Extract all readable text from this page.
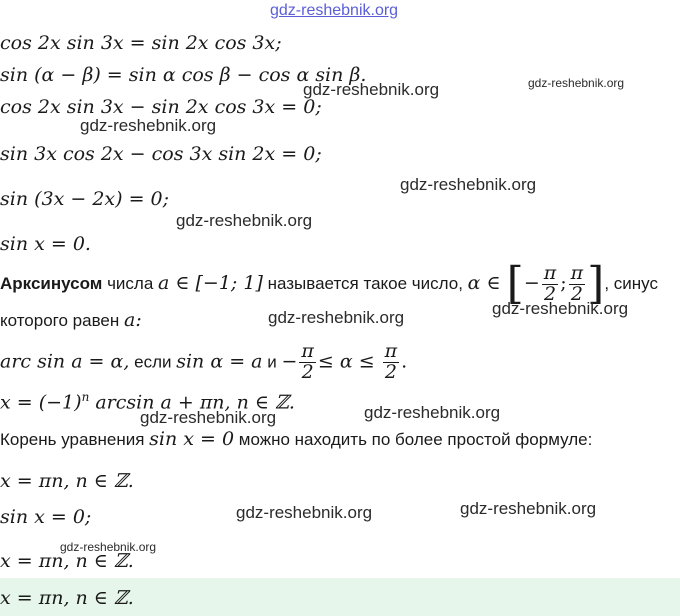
gdz-reshebnik.org
cos 2x sin 3x = sin 2x cos 3x;
sin (α − β) = sin α cos β − cos α sin β.
cos 2x sin 3x − sin 2x cos 3x = 0;
sin 3x cos 2x − cos 3x sin 2x = 0;
sin (3x − 2x) = 0;
sin x = 0.
Арксинусом числа a ∈ [−1; 1] называется такое число, α ∈ [− $\frac{\pi}{2}$ ; $\frac{\pi}{2}$ ], синус
которого равен a:
arc sin a = α, если sin α = a $и - \frac{\pi}{2} \le \alpha \le \frac{\pi}{2}$ .
$x = (-1)^n$ arcsin a + πn, n ∈ ℤ.
Корень уравнения sin x = 0 можно находить по более простой формуле:
x = πn, n ∈ ℤ.
sin x = 0;
x = πn, n ∈ ℤ.
x = πn, n ∈ ℤ.
gdz-reshebnik.org
gdz-reshebnik.org
gdz-reshebnik.org
gdz-reshebnik.org
gdz-reshebnik.org
gdz-reshebnik.org
gdz-reshebnik.org
gdz-reshebnik.org	gdz-reshebnik.org
gdz-reshebnik.org	gdz-reshebnik.org
gdz-reshebnik.org
